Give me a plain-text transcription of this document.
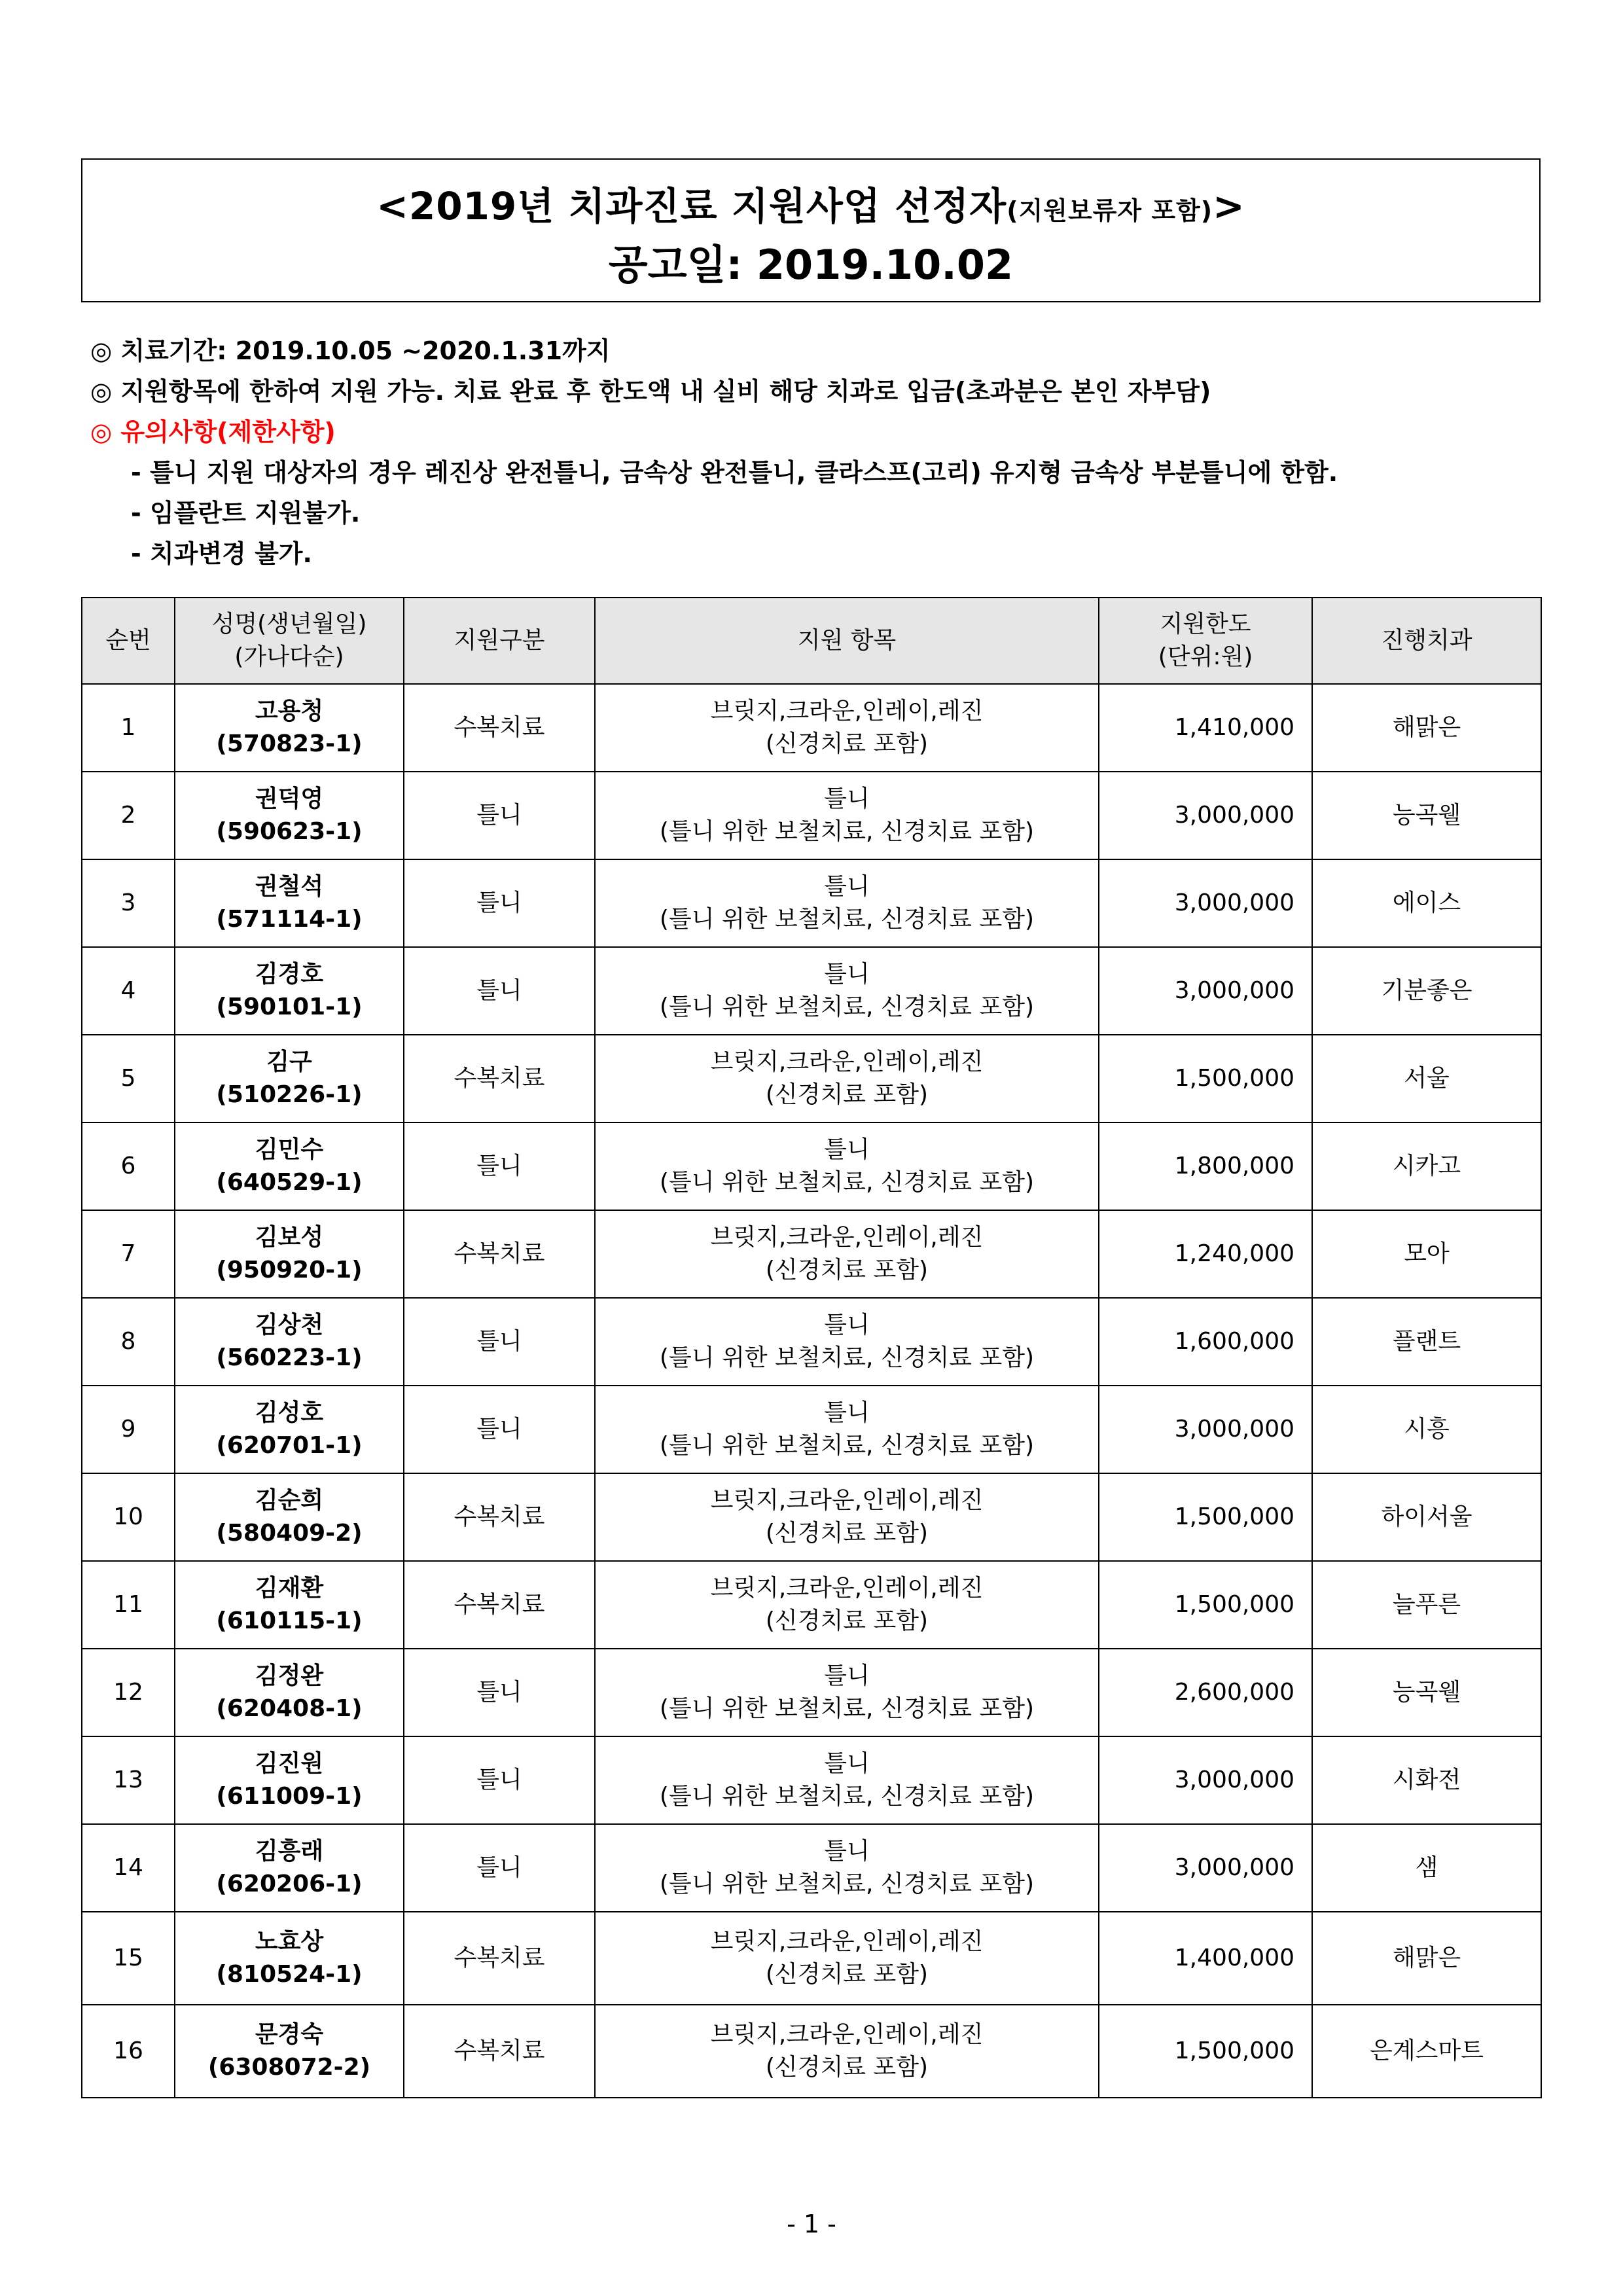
<2019년 치과진료 지원사업 선정자(지원보류자 포함)>
공고일: 2019.10.02
◎ 치료기간: 2019.10.05 ~2020.1.31까지
◎ 지원항목에 한하여 지원 가능. 치료 완료 후 한도액 내 실비 해당 치과로 입금(초과분은 본인 자부담)
◎ 유의사항(제한사항)
- 틀니 지원 대상자의 경우 레진상 완전틀니, 금속상 완전틀니, 클라스프(고리) 유지형 금속상 부분틀니에 한함.
- 임플란트 지원불가.
- 치과변경 불가.
순번	성명(생년월일)
(가나다순)	지원구분	지원 항목	지원한도
(단위:원)	진행치과
1	고용청
(570823-1)	수복치료	브릿지,크라운,인레이,레진
(신경치료 포함)	1,410,000	해맑은
2	권덕영
(590623-1)	틀니	틀니
(틀니 위한 보철치료, 신경치료 포함)	3,000,000	능곡웰
3	권철석
(571114-1)	틀니	틀니
(틀니 위한 보철치료, 신경치료 포함)	3,000,000	에이스
4	김경호
(590101-1)	틀니	틀니
(틀니 위한 보철치료, 신경치료 포함)	3,000,000	기분좋은
5	김구
(510226-1)	수복치료	브릿지,크라운,인레이,레진
(신경치료 포함)	1,500,000	서울
6	김민수
(640529-1)	틀니	틀니
(틀니 위한 보철치료, 신경치료 포함)	1,800,000	시카고
7	김보성
(950920-1)	수복치료	브릿지,크라운,인레이,레진
(신경치료 포함)	1,240,000	모아
8	김상천
(560223-1)	틀니	틀니
(틀니 위한 보철치료, 신경치료 포함)	1,600,000	플랜트
9	김성호
(620701-1)	틀니	틀니
(틀니 위한 보철치료, 신경치료 포함)	3,000,000	시흥
10	김순희
(580409-2)	수복치료	브릿지,크라운,인레이,레진
(신경치료 포함)	1,500,000	하이서울
11	김재환
(610115-1)	수복치료	브릿지,크라운,인레이,레진
(신경치료 포함)	1,500,000	늘푸른
12	김정완
(620408-1)	틀니	틀니
(틀니 위한 보철치료, 신경치료 포함)	2,600,000	능곡웰
13	김진원
(611009-1)	틀니	틀니
(틀니 위한 보철치료, 신경치료 포함)	3,000,000	시화전
14	김흥래
(620206-1)	틀니	틀니
(틀니 위한 보철치료, 신경치료 포함)	3,000,000	샘
15	노효상
(810524-1)	수복치료	브릿지,크라운,인레이,레진
(신경치료 포함)	1,400,000	해맑은
16	문경숙
(6308072-2)	수복치료	브릿지,크라운,인레이,레진
(신경치료 포함)	1,500,000	은계스마트
- 1 -
